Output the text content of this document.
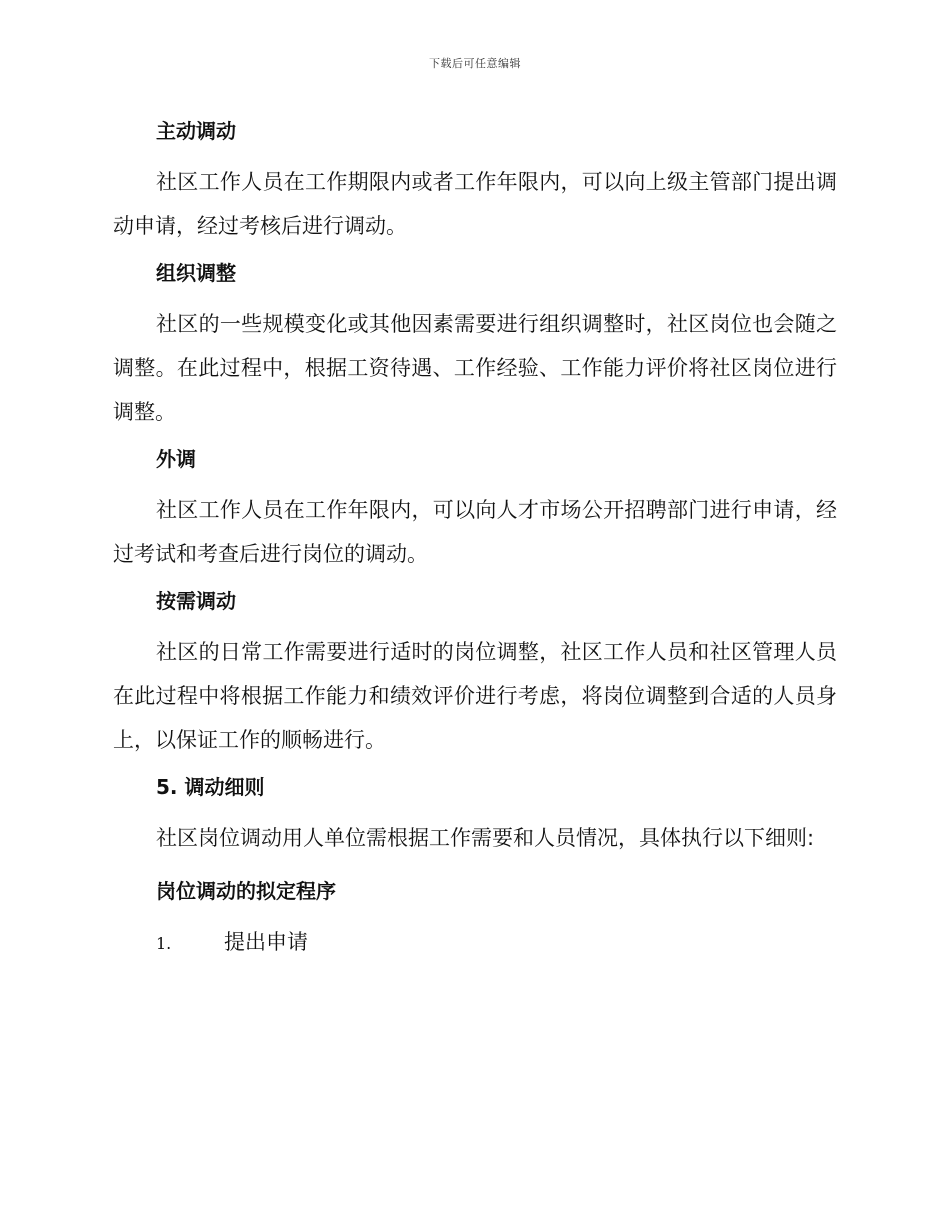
下载后可任意编辑
主动调动

社区工作人员在工作期限内或者工作年限内，可以向上级主管部门提出调动申请，经过考核后进行调动。

组织调整

社区的一些规模变化或其他因素需要进行组织调整时，社区岗位也会随之调整。在此过程中，根据工资待遇、工作经验、工作能力评价将社区岗位进行调整。

外调

社区工作人员在工作年限内，可以向人才市场公开招聘部门进行申请，经过考试和考查后进行岗位的调动。

按需调动

社区的日常工作需要进行适时的岗位调整，社区工作人员和社区管理人员在此过程中将根据工作能力和绩效评价进行考虑，将岗位调整到合适的人员身上，以保证工作的顺畅进行。

5. 调动细则

社区岗位调动用人单位需根据工作需要和人员情况，具体执行以下细则:

岗位调动的拟定程序
1.	提出申请
